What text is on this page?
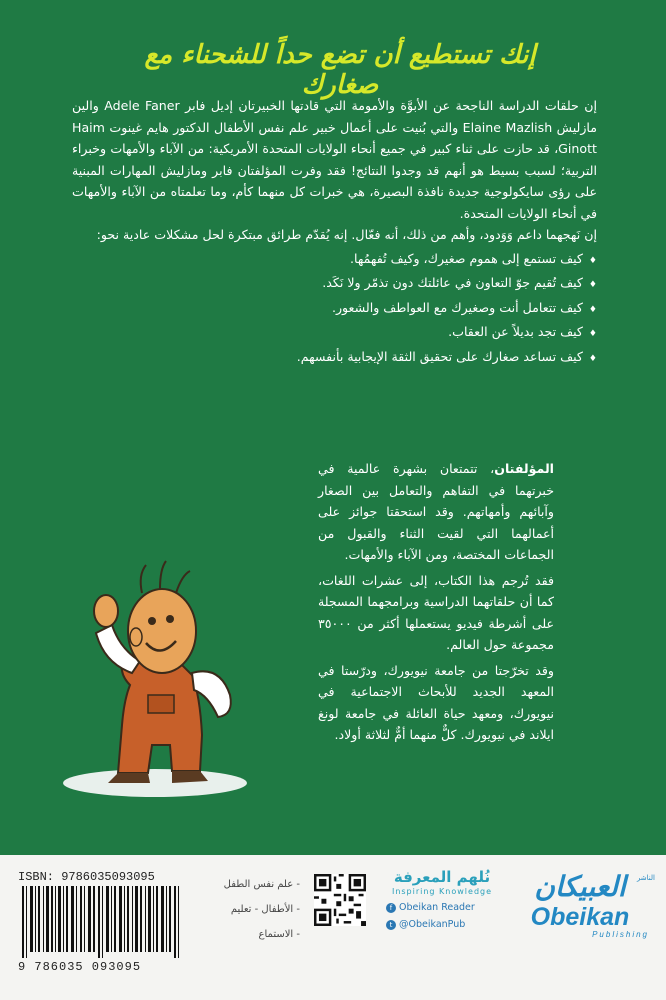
إنك تستطيع أن تضع حداً للشحناء مع صغارك

إن حلقات الدراسة الناجحة عن الأبوَّة والأمومة التي قادتها الخبيرتان إديل فابر Adele Faner والين مازليش Elaine Mazlish والتي بُنيت على أعمال خبير علم نفس الأطفال الدكتور هايم غينوت Haim Ginott، قد حازت على ثناء كبير في جميع أنحاء الولايات المتحدة الأمريكية: من الآباء والأمهات وخبراء التربية؛ لسبب بسيط هو أنهم قد وجدوا النتائج! فقد وفرت المؤلفتان فابر ومازليش المهارات المبنية على رؤى سايكولوجية جديدة نافذة البصيرة، هي خبرات كل منهما كأم، وما تعلمتاه من الآباء والأمهات في أنحاء الولايات المتحدة.

إن نَهجهما داعم وَوَدود، وأهم من ذلك، أنه فعّال. إنه يُقدّم طرائق مبتكرة لحل مشكلات عادية نحو:

♦ كيف تستمع إلى هموم صغيرك، وكيف تُفهمُها.
♦ كيف تُقيم جوّ التعاون في عائلتك دون تذمّر ولا نَكَد.
♦ كيف تتعامل أنت وصغيرك مع العواطف والشعور.
♦ كيف تجد بديلاً عن العقاب.
♦ كيف تساعد صغارك على تحقيق الثقة الإيجابية بأنفسهم.

المؤلفتان، تتمتعان بشهرة عالمية في خبرتهما في التفاهم والتعامل بين الصغار وآبائهم وأمهاتهم. وقد استحقتا جوائز على أعمالهما التي لقيت الثناء والقبول من الجماعات المختصة، ومن الآباء والأمهات.

فقد تُرجم هذا الكتاب، إلى عشرات اللغات، كما أن حلقاتهما الدراسية وبرامجهما المسجلة على أشرطة فيديو يستعملها أكثر من ٣٥٠٠٠ مجموعة حول العالم.

وقد تخرّجتا من جامعة نيويورك، ودرّستا في المعهد الجديد للأبحاث الاجتماعية في نيويورك، ومعهد حياة العائلة في جامعة لونغ ايلاند في نيويورك. كلٌّ منهما أمٌّ لثلاثة أولاد.

ISBN: 9786035093095
9 786035 093095
- علم نفس الطفل
- الأطفال - تعليم
- الاستماع
نُلهم المعرفة
Inspiring Knowledge
f Obeikan Reader
t @ObeikanPub
الناشر
العبيكان
Obeikan
Publishing
